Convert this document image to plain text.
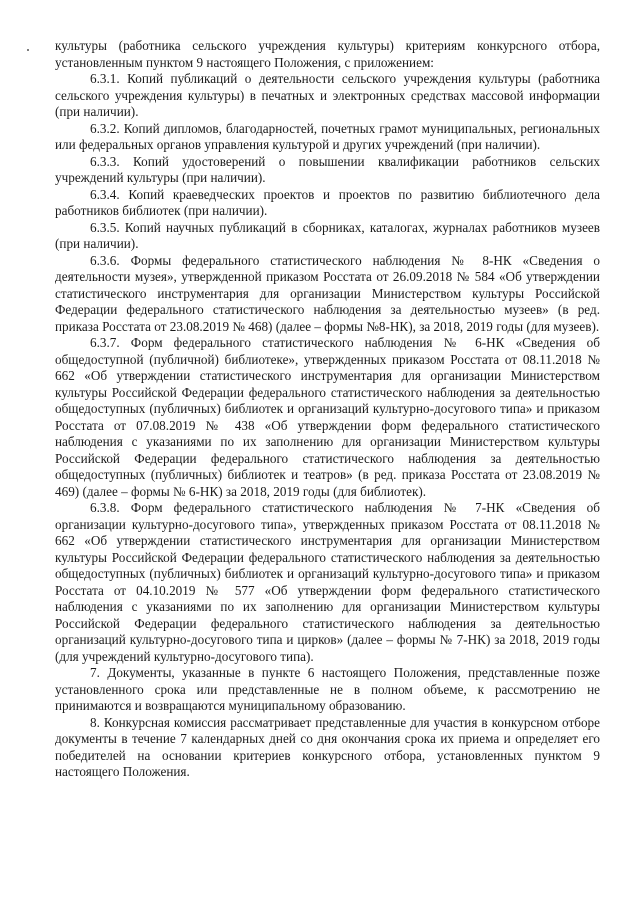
культуры (работника сельского учреждения культуры) критериям конкурсного отбора, установленным пунктом 9 настоящего Положения, с приложением:

6.3.1. Копий публикаций о деятельности сельского учреждения культуры (работника сельского учреждения культуры) в печатных и электронных средствах массовой информации (при наличии).

6.3.2. Копий дипломов, благодарностей, почетных грамот муниципальных, региональных или федеральных органов управления культурой и других учреждений (при наличии).

6.3.3. Копий удостоверений о повышении квалификации работников сельских учреждений культуры (при наличии).

6.3.4. Копий краеведческих проектов и проектов по развитию библиотечного дела работников библиотек (при наличии).

6.3.5. Копий научных публикаций в сборниках, каталогах, журналах работников музеев (при наличии).

6.3.6. Формы федерального статистического наблюдения № 8-НК «Сведения о деятельности музея», утвержденной приказом Росстата от 26.09.2018 № 584 «Об утверждении статистического инструментария для организации Министерством культуры Российской Федерации федерального статистического наблюдения за деятельностью музеев» (в ред. приказа Росстата от 23.08.2019 № 468) (далее – формы №8-НК), за 2018, 2019 годы (для музеев).

6.3.7. Форм федерального статистического наблюдения № 6-НК «Сведения об общедоступной (публичной) библиотеке», утвержденных приказом Росстата от 08.11.2018 № 662 «Об утверждении статистического инструментария для организации Министерством культуры Российской Федерации федерального статистического наблюдения за деятельностью общедоступных (публичных) библиотек и организаций культурно-досугового типа» и приказом Росстата от 07.08.2019 № 438 «Об утверждении форм федерального статистического наблюдения с указаниями по их заполнению для организации Министерством культуры Российской Федерации федерального статистического наблюдения за деятельностью общедоступных (публичных) библиотек и театров» (в ред. приказа Росстата от 23.08.2019 № 469) (далее – формы № 6-НК) за 2018, 2019 годы (для библиотек).

6.3.8. Форм федерального статистического наблюдения № 7-НК «Сведения об организации культурно-досугового типа», утвержденных приказом Росстата от 08.11.2018 № 662 «Об утверждении статистического инструментария для организации Министерством культуры Российской Федерации федерального статистического наблюдения за деятельностью общедоступных (публичных) библиотек и организаций культурно-досугового типа» и приказом Росстата от 04.10.2019 № 577 «Об утверждении форм федерального статистического наблюдения с указаниями по их заполнению для организации Министерством культуры Российской Федерации федерального статистического наблюдения за деятельностью организаций культурно-досугового типа и цирков» (далее – формы № 7-НК) за 2018, 2019 годы (для учреждений культурно-досугового типа).

7. Документы, указанные в пункте 6 настоящего Положения, представленные позже установленного срока или представленные не в полном объеме, к рассмотрению не принимаются и возвращаются муниципальному образованию.

8. Конкурсная комиссия рассматривает представленные для участия в конкурсном отборе документы в течение 7 календарных дней со дня окончания срока их приема и определяет его победителей на основании критериев конкурсного отбора, установленных пунктом 9 настоящего Положения.
